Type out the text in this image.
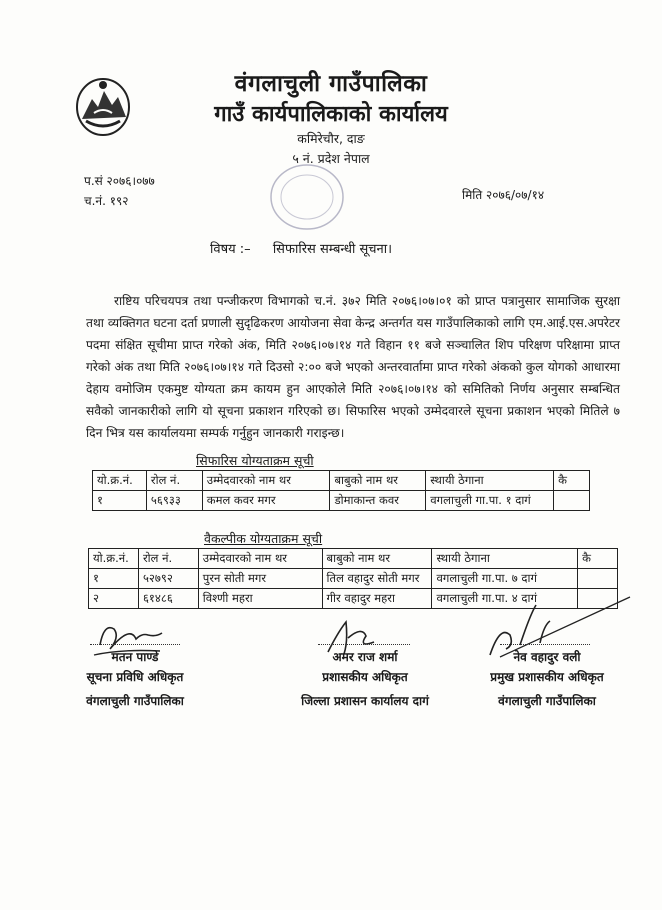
वंगलाचुली गाउँपालिका
गाउँ कार्यपालिकाको कार्यालय
कमिरेचौर, दाङ
५ नं. प्रदेश नेपाल
प.सं २०७६।०७७
च.नं. १९२	मिति २०७६/०७/१४
विषय :– सिफारिस सम्बन्धी सूचना।

राष्टिय परिचयपत्र तथा पन्जीकरण विभागको च.नं. ३७२ मिति २०७६।०७।०१ को प्राप्त पत्रानुसार सामाजिक सुरक्षा तथा व्यक्तिगत घटना दर्ता प्रणाली सुदृढिकरण आयोजना सेवा केन्द्र अन्तर्गत यस गाउँपालिकाको लागि एम.आई.एस.अपरेटर पदमा संक्षित सूचीमा प्राप्त गरेको अंक, मिति २०७६।०७।१४ गते विहान ११ बजे सञ्चालित शिप परिक्षण परिक्षामा प्राप्त गरेको अंक तथा मिति २०७६।०७।१४ गते दिउसो २:०० बजे भएको अन्तरवार्तामा प्राप्त गरेको अंकको कुल योगको आधारमा देहाय वमोजिम एकमुष्ट योग्यता क्रम कायम हुन आएकोले मिति २०७६।०७।१४ को समितिको निर्णय अनुसार सम्बन्धित सवैको जानकारीको लागि यो सूचना प्रकाशन गरिएको छ। सिफारिस भएको उम्मेदवारले सूचना प्रकाशन भएको मितिले ७ दिन भित्र यस कार्यालयमा सम्पर्क गर्नुहुन जानकारी गराइन्छ।

सिफारिस योग्यताक्रम सूची
यो.क्र.नं.	रोल नं.	उम्मेदवारको नाम थर	बाबुको नाम थर	स्थायी ठेगाना	कै
१	५६९३३	कमल कवर मगर	डोमाकान्त कवर	वगलाचुली गा.पा. १ दागं	
वैकल्पीक योग्यताक्रम सूची
यो.क्र.नं.	रोल नं.	उम्मेदवारको नाम थर	बाबुको नाम थर	स्थायी ठेगाना	कै
१	५२७९२	पुरन सोती मगर	तिल वहादुर सोती मगर	वगलाचुली गा.पा. ७ दागं	
२	६१४८६	विश्णी महरा	गीर वहादुर महरा	वगलाचुली गा.पा. ४ दागं	
मतन पाण्डे
सूचना प्रविधि अधिकृत
वंगलाचुली गाउँपालिका
अमर राज शर्मा
प्रशासकीय अधिकृत
जिल्ला प्रशासन कार्यालय दागं
नेव वहादुर वली
प्रमुख प्रशासकीय अधिकृत
वंगलाचुली गाउँपालिका
